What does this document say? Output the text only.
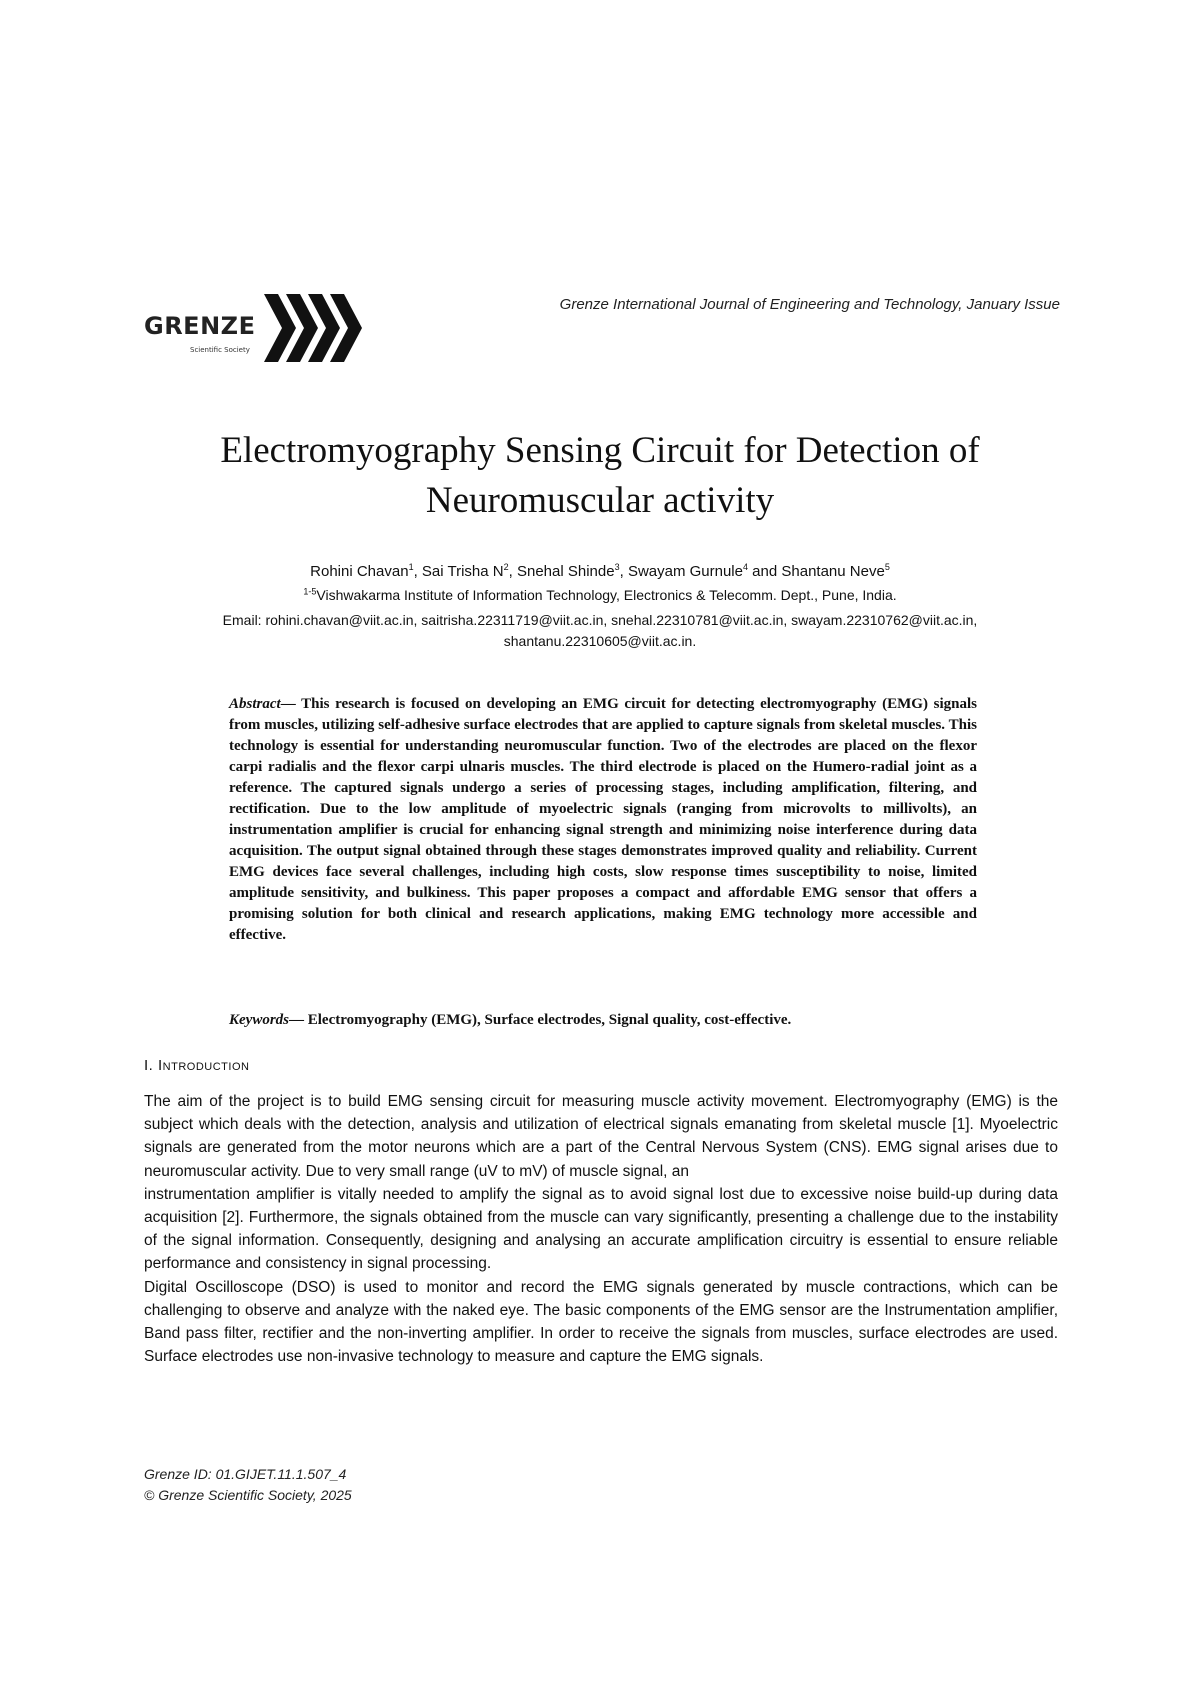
GRENZE
Scientific Society
Grenze International Journal of Engineering and Technology, January Issue
Electromyography Sensing Circuit for Detection of
Neuromuscular activity
Rohini Chavan$^1$, Sai Trisha $N^2$, Snehal Shinde$^3$, Swayam Gurnule$^4$ and Shantanu Neve$^5$
$^{1-5}$Vishwakarma Institute of Information Technology, Electronics & Telecomm. Dept., Pune, India.
Email: rohini.chavan@viit.ac.in, saitrisha.22311719@viit.ac.in, snehal.22310781@viit.ac.in, swayam.22310762@viit.ac.in,
shantanu.22310605@viit.ac.in.
Abstract— This research is focused on developing an EMG circuit for detecting electromyography (EMG) signals from muscles, utilizing self-adhesive surface electrodes that are applied to capture signals from skeletal muscles. This technology is essential for understanding neuromuscular function. Two of the electrodes are placed on the flexor carpi radialis and the flexor carpi ulnaris muscles. The third electrode is placed on the Humero-radial joint as a reference. The captured signals undergo a series of processing stages, including amplification, filtering, and rectification. Due to the low amplitude of myoelectric signals (ranging from microvolts to millivolts), an instrumentation amplifier is crucial for enhancing signal strength and minimizing noise interference during data acquisition. The output signal obtained through these stages demonstrates improved quality and reliability. Current EMG devices face several challenges, including high costs, slow response times susceptibility to noise, limited amplitude sensitivity, and bulkiness. This paper proposes a compact and affordable EMG sensor that offers a promising solution for both clinical and research applications, making EMG technology more accessible and effective.
Keywords— Electromyography (EMG), Surface electrodes, Signal quality, cost-effective.
I. Introduction

The aim of the project is to build EMG sensing circuit for measuring muscle activity movement. Electromyography (EMG) is the subject which deals with the detection, analysis and utilization of electrical signals emanating from skeletal muscle [1]. Myoelectric signals are generated from the motor neurons which are a part of the Central Nervous System (CNS). EMG signal arises due to neuromuscular activity. Due to very small range (uV to mV) of muscle signal, an

instrumentation amplifier is vitally needed to amplify the signal as to avoid signal lost due to excessive noise build-up during data acquisition [2]. Furthermore, the signals obtained from the muscle can vary significantly, presenting a challenge due to the instability of the signal information. Consequently, designing and analysing an accurate amplification circuitry is essential to ensure reliable performance and consistency in signal processing.

Digital Oscilloscope (DSO) is used to monitor and record the EMG signals generated by muscle contractions, which can be challenging to observe and analyze with the naked eye. The basic components of the EMG sensor are the Instrumentation amplifier, Band pass filter, rectifier and the non-inverting amplifier. In order to receive the signals from muscles, surface electrodes are used. Surface electrodes use non-invasive technology to measure and capture the EMG signals.

Grenze ID: 01.GIJET.11.1.507_4
© Grenze Scientific Society, 2025
